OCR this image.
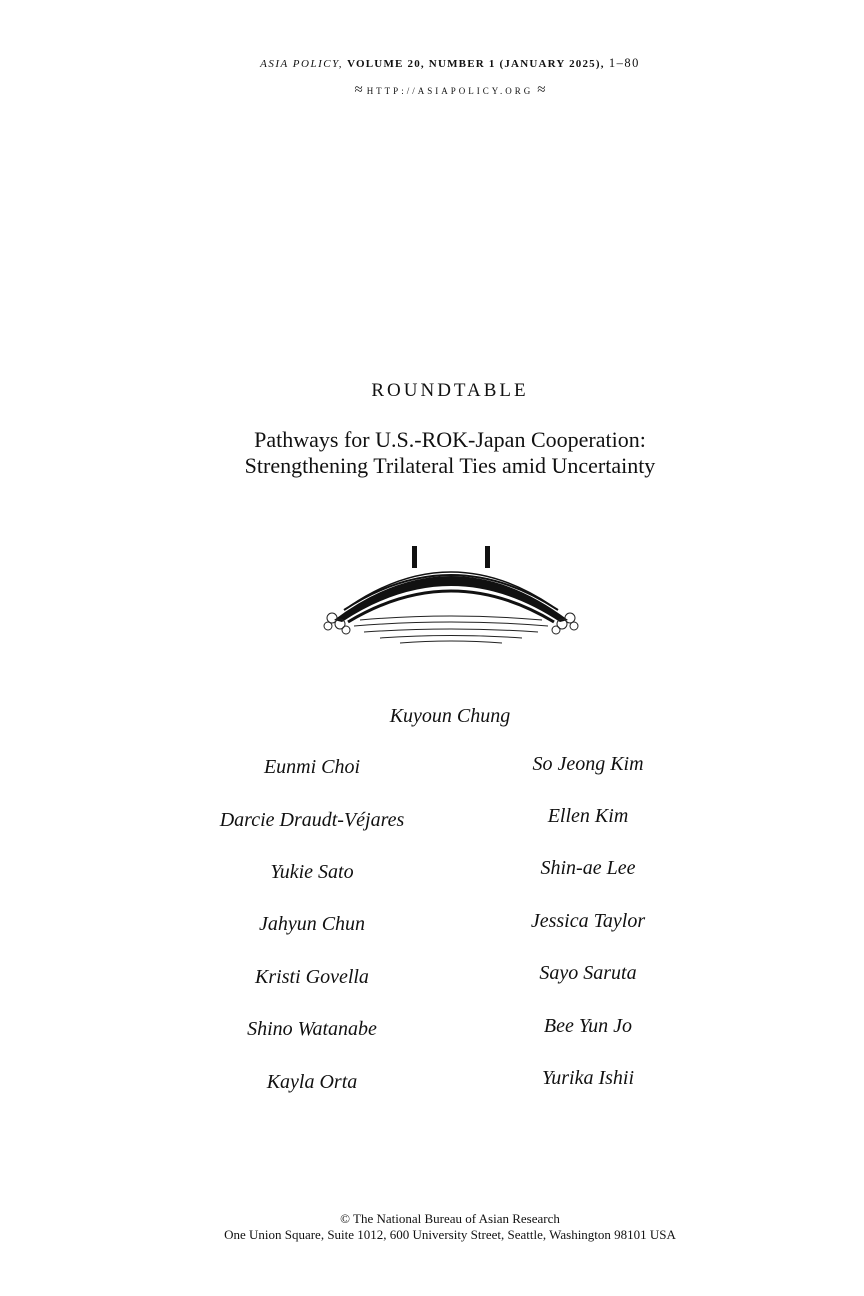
ASIA POLICY, VOLUME 20, NUMBER 1 (JANUARY 2025), 1–80
≈ HTTP://ASIAPOLICY.ORG ≈
ROUNDTABLE
Pathways for U.S.-ROK-Japan Cooperation:
Strengthening Trilateral Ties amid Uncertainty
Kuyoun Chung
Eunmi Choi
Darcie Draudt-Véjares
Yukie Sato
Jahyun Chun
Kristi Govella
Shino Watanabe
Kayla Orta
So Jeong Kim
Ellen Kim
Shin-ae Lee
Jessica Taylor
Sayo Saruta
Bee Yun Jo
Yurika Ishii
© The National Bureau of Asian Research
One Union Square, Suite 1012, 600 University Street, Seattle, Washington 98101 USA
